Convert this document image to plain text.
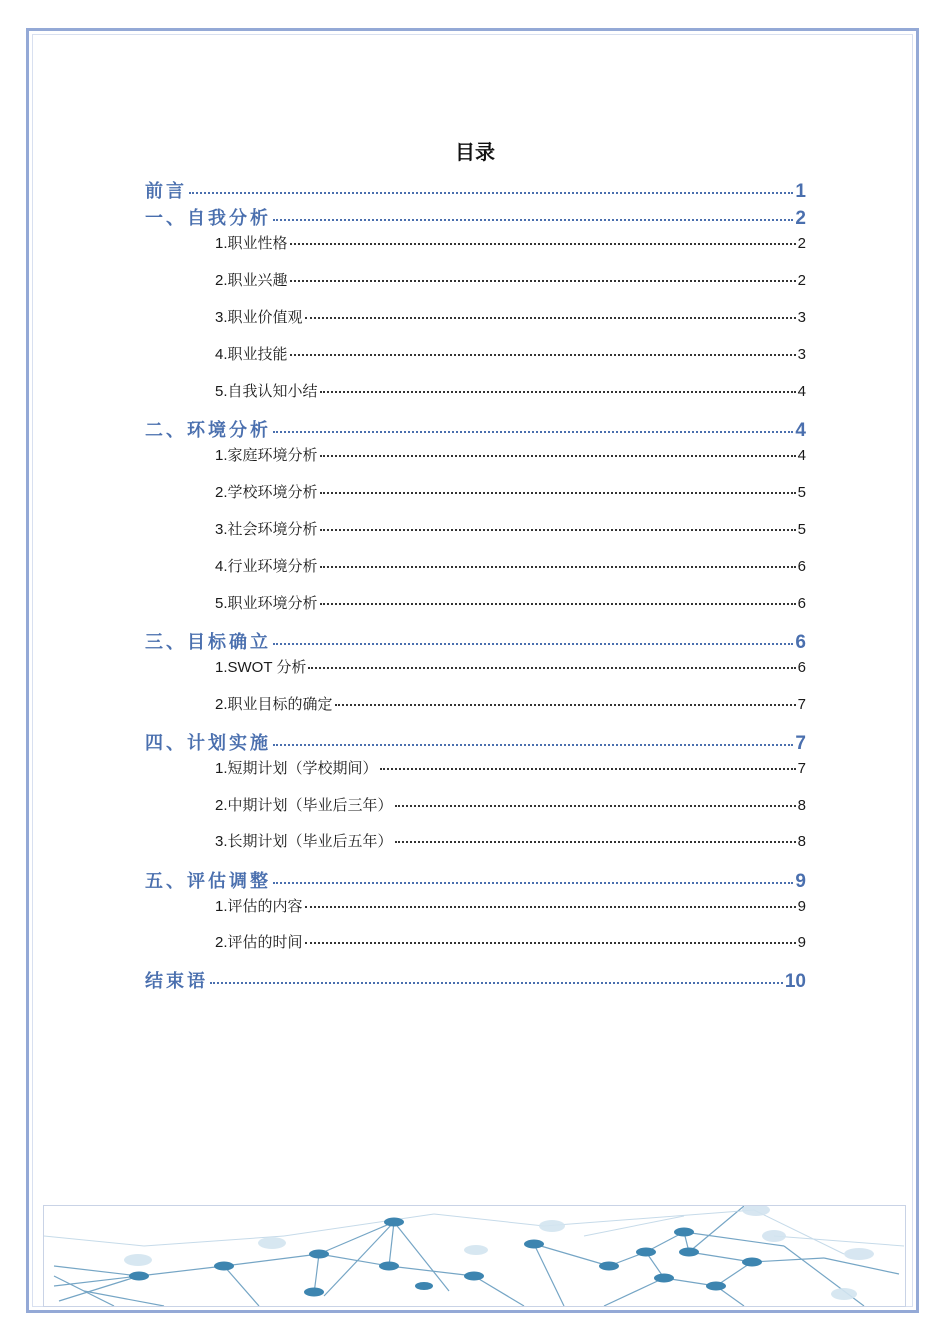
目录
前言	1
一、自我分析	2
1.职业性格	2
2.职业兴趣	2
3.职业价值观	3
4.职业技能	3
5.自我认知小结	4
二、环境分析	4
1.家庭环境分析	4
2.学校环境分析	5
3.社会环境分析	5
4.行业环境分析	6
5.职业环境分析	6
三、目标确立	6
1.SWOT 分析	6
2.职业目标的确定	7
四、计划实施	7
1.短期计划（学校期间）	7
2.中期计划（毕业后三年）	8
3.长期计划（毕业后五年）	8
五、评估调整	9
1.评估的内容	9
2.评估的时间	9
结束语	10
